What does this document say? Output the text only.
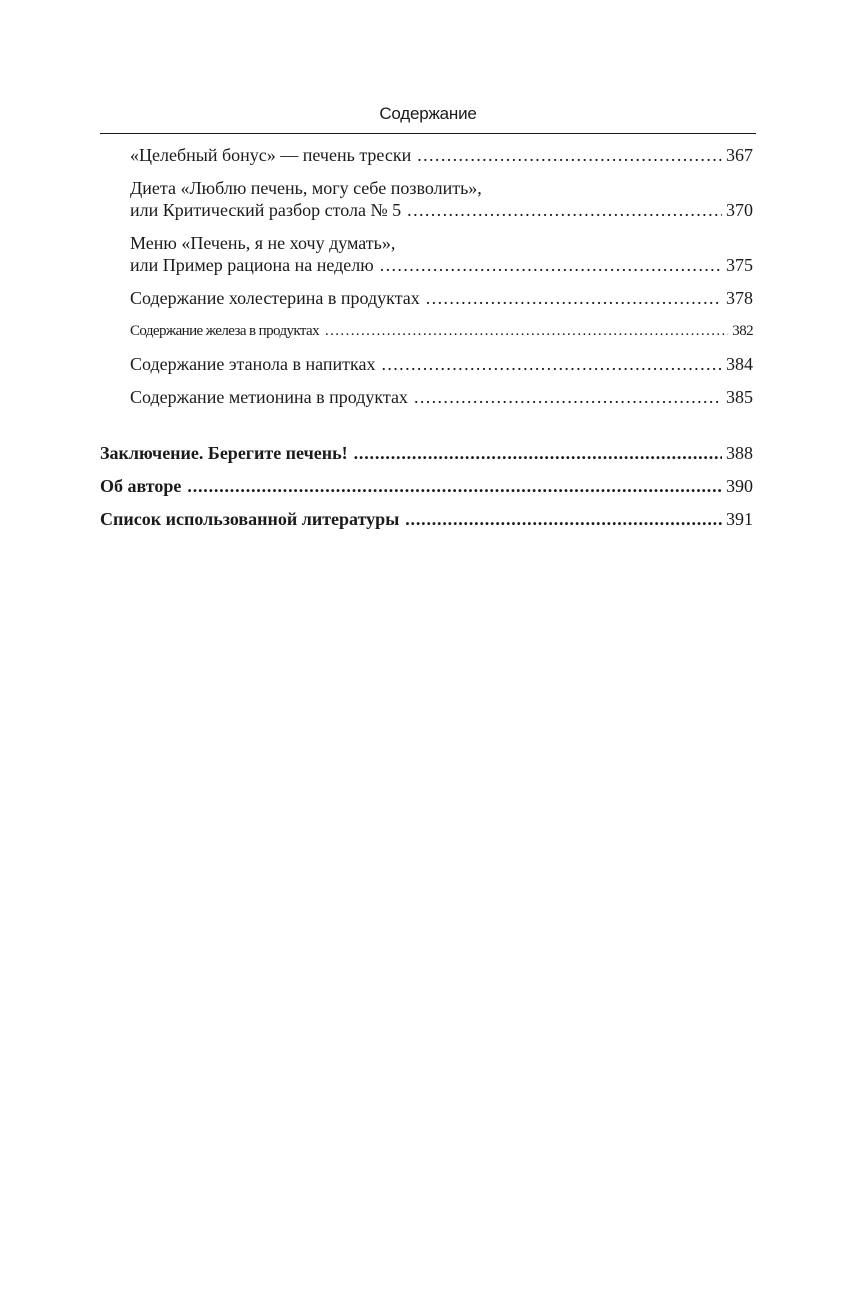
Содержание
«Целебный бонус» — печень трески .....	367
Диета «Люблю печень, могу себе позволить»,
или Критический разбор стола № 5 .....	370
Меню «Печень, я не хочу думать»,
или Пример рациона на неделю .....	375
Содержание холестерина в продуктах .....	378
Содержание железа в продуктах .....	382
Содержание этанола в напитках .....	384
Содержание метионина в продуктах .....	385
Заключение. Берегите печень! .....	388
Об авторе .....	390
Список использованной литературы .....	391
